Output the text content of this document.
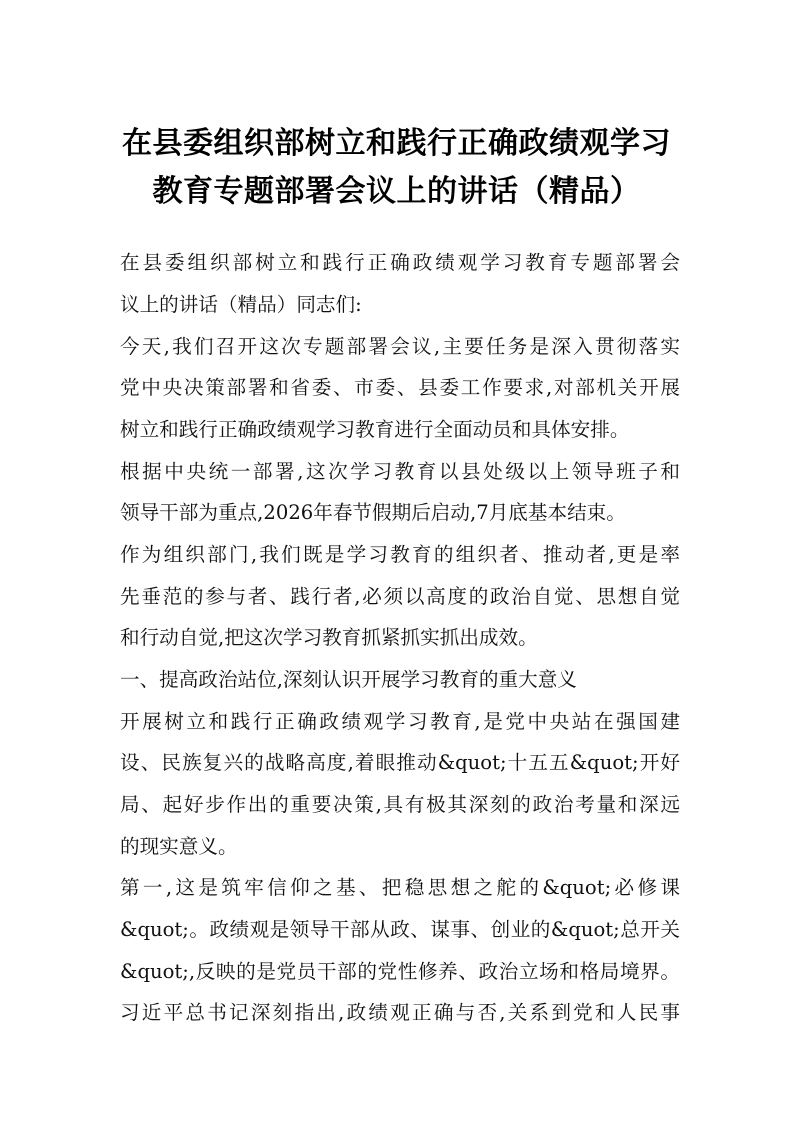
在县委组织部树立和践行正确政绩观学习
教育专题部署会议上的讲话（精品）
在县委组织部树立和践行正确政绩观学习教育专题部署会
议上的讲话（精品）同志们:
今天,我们召开这次专题部署会议,主要任务是深入贯彻落实
党中央决策部署和省委、市委、县委工作要求,对部机关开展
树立和践行正确政绩观学习教育进行全面动员和具体安排。
根据中央统一部署,这次学习教育以县处级以上领导班子和
领导干部为重点,2026年春节假期后启动,7月底基本结束。
作为组织部门,我们既是学习教育的组织者、推动者,更是率
先垂范的参与者、践行者,必须以高度的政治自觉、思想自觉
和行动自觉,把这次学习教育抓紧抓实抓出成效。
一、提高政治站位,深刻认识开展学习教育的重大意义
开展树立和践行正确政绩观学习教育,是党中央站在强国建
设、民族复兴的战略高度,着眼推动&quot;十五五&quot;开好
局、起好步作出的重要决策,具有极其深刻的政治考量和深远
的现实意义。
第一,这是筑牢信仰之基、把稳思想之舵的&quot;必修课
&quot;。政绩观是领导干部从政、谋事、创业的&quot;总开关
&quot;,反映的是党员干部的党性修养、政治立场和格局境界。
习近平总书记深刻指出,政绩观正确与否,关系到党和人民事
